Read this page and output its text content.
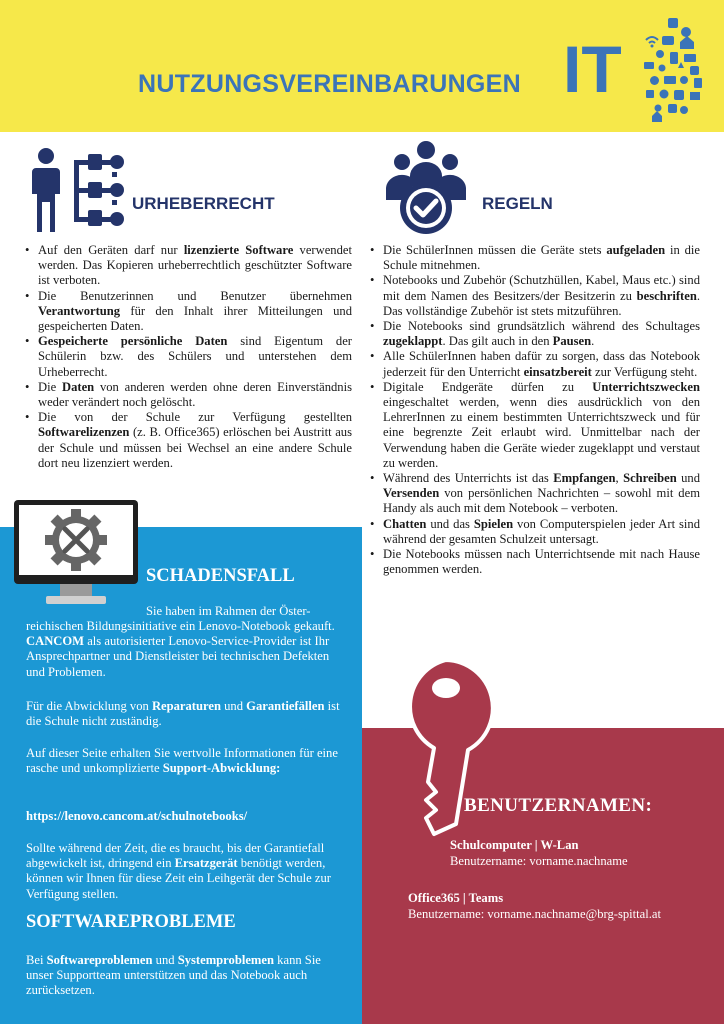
NUTZUNGSVEREINBARUNGEN IT
URHEBERRECHT
• Auf den Geräten darf nur lizenzierte Software verwendet werden. Das Kopieren urheberrechtlich geschützter Software ist verboten.
• Die Benutzerinnen und Benutzer übernehmen Verantwortung für den Inhalt ihrer Mitteilungen und gespeicherten Daten.
• Gespeicherte persönliche Daten sind Eigentum der Schülerin bzw. des Schülers und unterstehen dem Urheberrecht.
• Die Daten von anderen werden ohne deren Einverständnis weder verändert noch gelöscht.
• Die von der Schule zur Verfügung gestellten Softwarelizenzen (z. B. Office365) erlöschen bei Austritt aus der Schule und müssen bei Wechsel an eine andere Schule dort neu lizenziert werden.
REGELN
• Die SchülerInnen müssen die Geräte stets aufgeladen in die Schule mitnehmen.
• Notebooks und Zubehör (Schutzhüllen, Kabel, Maus etc.) sind mit dem Namen des Besitzers/der Besitzerin zu beschriften. Das vollständige Zubehör ist stets mitzuführen.
• Die Notebooks sind grundsätzlich während des Schultages zugeklappt. Das gilt auch in den Pausen.
• Alle SchülerInnen haben dafür zu sorgen, dass das Notebook jederzeit für den Unterricht einsatzbereit zur Verfügung steht.
• Digitale Endgeräte dürfen zu Unterrichtszwecken eingeschaltet werden, wenn dies ausdrücklich von den LehrerInnen zu einem bestimmten Unterrichtszweck und für eine begrenzte Zeit erlaubt wird. Unmittelbar nach der Verwendung haben die Geräte wieder zugeklappt und verstaut zu werden.
• Während des Unterrichts ist das Empfangen, Schreiben und Versenden von persönlichen Nachrichten – sowohl mit dem Handy als auch mit dem Notebook – verboten.
• Chatten und das Spielen von Computerspielen jeder Art sind während der gesamten Schulzeit untersagt.
• Die Notebooks müssen nach Unterrichtsende mit nach Hause genommen werden.
SCHADENSFALL
Sie haben im Rahmen der Öster-
reichischen Bildungsinitiative ein Lenovo-Notebook gekauft. CANCOM als autorisierter Lenovo-Service-Provider ist Ihr Ansprechpartner und Dienstleister bei technischen Defekten und Problemen.
Für die Abwicklung von Reparaturen und Garantiefällen ist die Schule nicht zuständig.
Auf dieser Seite erhalten Sie wertvolle Informationen für eine rasche und unkomplizierte Support-Abwicklung:
https://lenovo.cancom.at/schulnotebooks/
Sollte während der Zeit, die es braucht, bis der Garantiefall abgewickelt ist, dringend ein Ersatzgerät benötigt werden, können wir Ihnen für diese Zeit ein Leihgerät der Schule zur Verfügung stellen.
SOFTWAREPROBLEME
Bei Softwareproblemen und Systemproblemen kann Sie unser Supportteam unterstützen und das Notebook auch zurücksetzen.
BENUTZERNAMEN:
Schulcomputer | W-Lan
Benutzername: vorname.nachname
Office365 | Teams
Benutzername: vorname.nachname@brg-spittal.at
